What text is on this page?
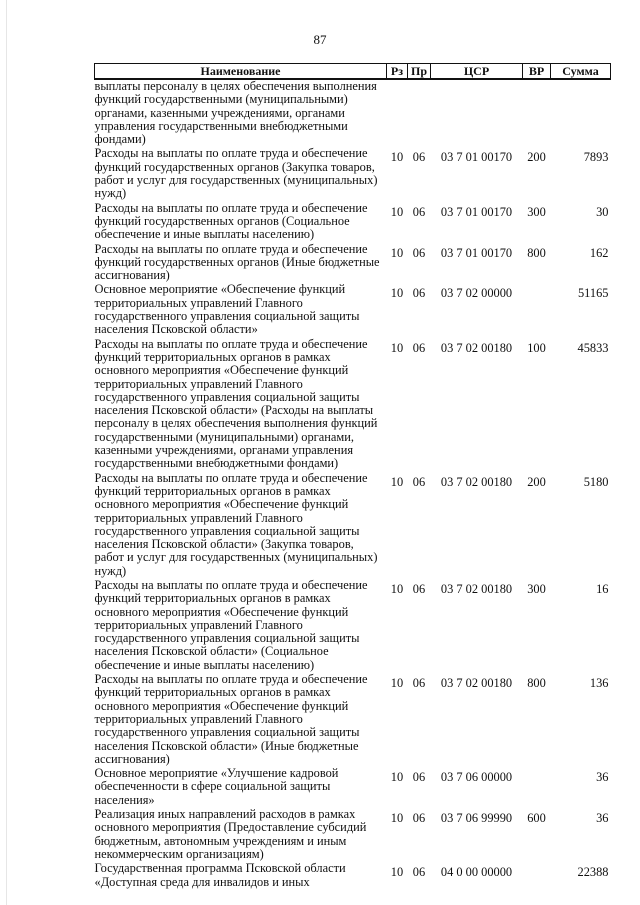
87
Наименование	Рз	Пр	ЦСР	ВР	Сумма
выплаты персоналу в целях обеспечения выполнения функций государственными (муниципальными) органами, казенными учреждениями, органами управления государственными внебюджетными фондами)					
Расходы на выплаты по оплате труда и обеспечение функций государственных органов (Закупка товаров, работ и услуг для государственных (муниципальных) нужд)	10	06	03 7 01 00170	200	7893
Расходы на выплаты по оплате труда и обеспечение функций государственных органов (Социальное обеспечение и иные выплаты населению)	10	06	03 7 01 00170	300	30
Расходы на выплаты по оплате труда и обеспечение функций государственных органов (Иные бюджетные ассигнования)	10	06	03 7 01 00170	800	162
Основное мероприятие «Обеспечение функций территориальных управлений Главного государственного управления социальной защиты населения Псковской области»	10	06	03 7 02 00000		51165
Расходы на выплаты по оплате труда и обеспечение функций территориальных органов в рамках основного мероприятия «Обеспечение функций территориальных управлений Главного государственного управления социальной защиты населения Псковской области» (Расходы на выплаты персоналу в целях обеспечения выполнения функций государственными (муниципальными) органами, казенными учреждениями, органами управления государственными внебюджетными фондами)	10	06	03 7 02 00180	100	45833
Расходы на выплаты по оплате труда и обеспечение функций территориальных органов в рамках основного мероприятия «Обеспечение функций территориальных управлений Главного государственного управления социальной защиты населения Псковской области» (Закупка товаров, работ и услуг для государственных (муниципальных) нужд)	10	06	03 7 02 00180	200	5180
Расходы на выплаты по оплате труда и обеспечение функций территориальных органов в рамках основного мероприятия «Обеспечение функций территориальных управлений Главного государственного управления социальной защиты населения Псковской области» (Социальное обеспечение и иные выплаты населению)	10	06	03 7 02 00180	300	16
Расходы на выплаты по оплате труда и обеспечение функций территориальных органов в рамках основного мероприятия «Обеспечение функций территориальных управлений Главного государственного управления социальной защиты населения Псковской области» (Иные бюджетные ассигнования)	10	06	03 7 02 00180	800	136
Основное мероприятие «Улучшение кадровой обеспеченности в сфере социальной защиты населения»	10	06	03 7 06 00000		36
Реализация иных направлений расходов в рамках основного мероприятия (Предоставление субсидий бюджетным, автономным учреждениям и иным некоммерческим организациям)	10	06	03 7 06 99990	600	36
Государственная программа Псковской области «Доступная среда для инвалидов и иных	10	06	04 0 00 00000		22388
